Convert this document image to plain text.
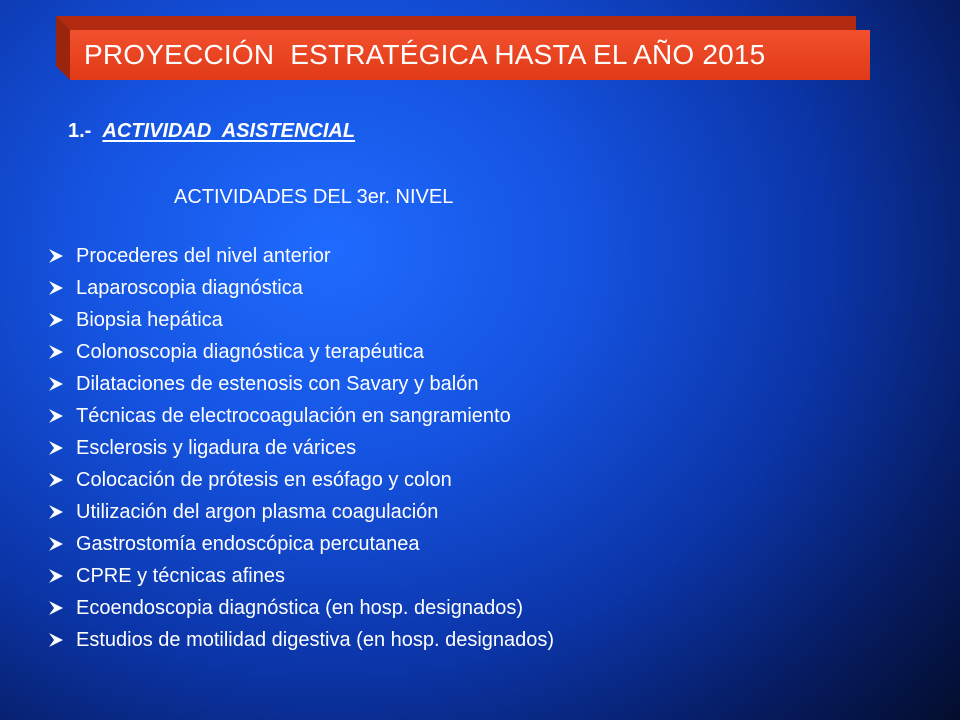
PROYECCIÓN  ESTRATÉGICA HASTA EL AÑO 2015
1.- ACTIVIDAD  ASISTENCIAL
ACTIVIDADES DEL 3er. NIVEL
Procederes del nivel anterior
Laparoscopia diagnóstica
Biopsia hepática
Colonoscopia diagnóstica y terapéutica
Dilataciones de estenosis con Savary y balón
Técnicas de electrocoagulación en sangramiento
Esclerosis y ligadura de várices
Colocación de prótesis en esófago y colon
Utilización del argon plasma coagulación
Gastrostomía endoscópica percutanea
CPRE y técnicas afines
Ecoendoscopia diagnóstica (en hosp. designados)
Estudios de motilidad digestiva (en hosp. designados)
